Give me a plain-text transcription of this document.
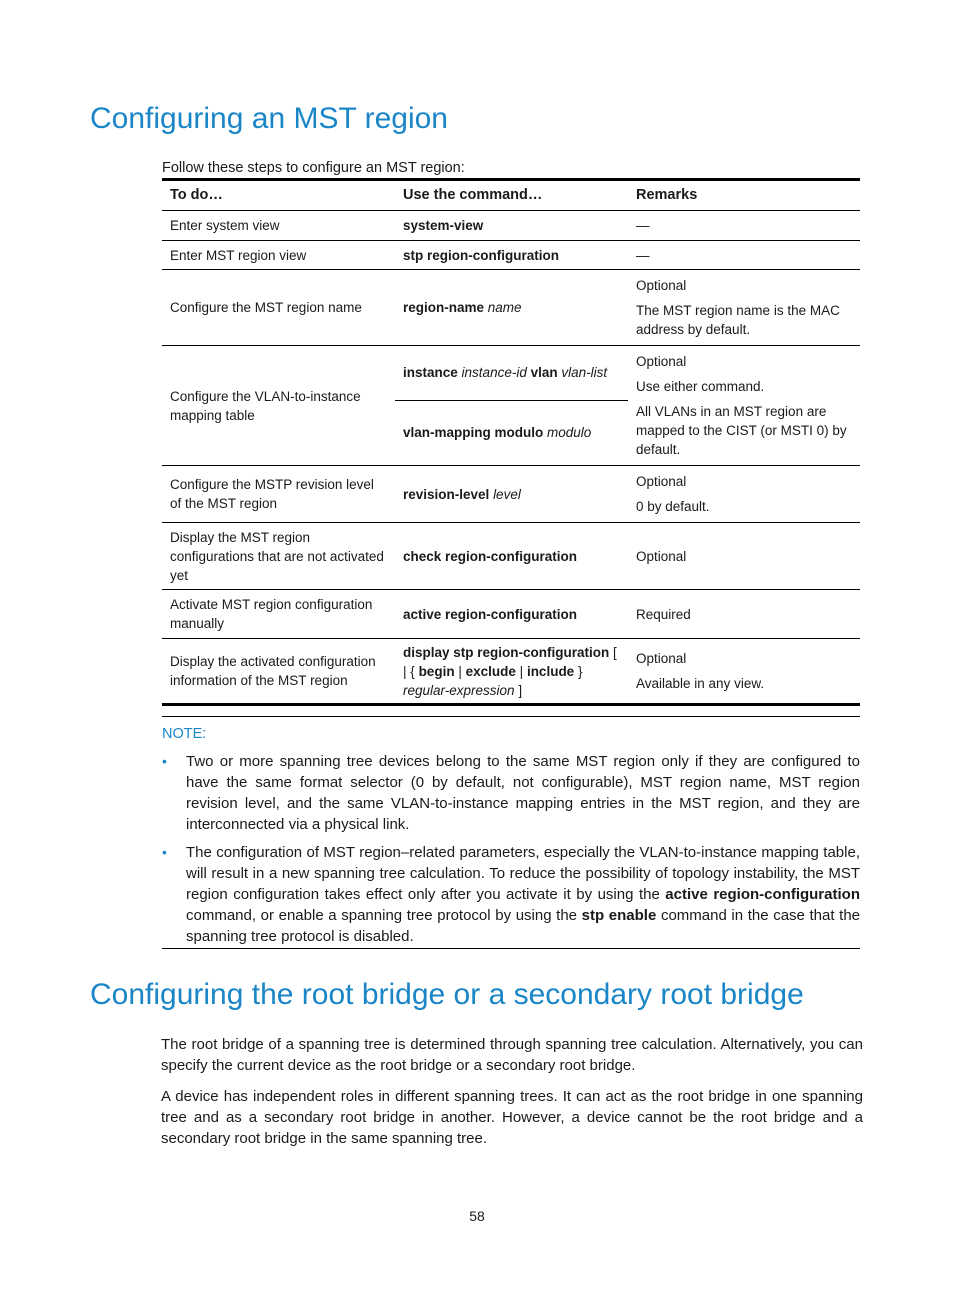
Configuring an MST region
Follow these steps to configure an MST region:
To do…	Use the command…	Remarks
Enter system view	system-view	—
Enter MST region view	stp region-configuration	—
Configure the MST region name	region-name name	Optional

The MST region name is the MAC address by default.

Configure the VLAN-to-instance mapping table	instance instance-id vlan vlan-list	Optional

Use either command.

All VLANs in an MST region are mapped to the CIST (or MSTI 0) by default.

	vlan-mapping modulo modulo	
Configure the MSTP revision level of the MST region	revision-level level	Optional

0 by default.

Display the MST region configurations that are not activated yet	check region-configuration	Optional
Activate MST region configuration manually	active region-configuration	Required
Display the activated configuration information of the MST region	display stp region-configuration [ | { begin | exclude | include } regular-expression ]	Optional

Available in any view.

NOTE:
• Two or more spanning tree devices belong to the same MST region only if they are configured to have the same format selector (0 by default, not configurable), MST region name, MST region revision level, and the same VLAN-to-instance mapping entries in the MST region, and they are interconnected via a physical link.
• The configuration of MST region–related parameters, especially the VLAN-to-instance mapping table, will result in a new spanning tree calculation. To reduce the possibility of topology instability, the MST region configuration takes effect only after you activate it by using the active region-configuration command, or enable a spanning tree protocol by using the stp enable command in the case that the spanning tree protocol is disabled.
Configuring the root bridge or a secondary root bridge

The root bridge of a spanning tree is determined through spanning tree calculation. Alternatively, you can specify the current device as the root bridge or a secondary root bridge.

A device has independent roles in different spanning trees. It can act as the root bridge in one spanning tree and as a secondary root bridge in another. However, a device cannot be the root bridge and a secondary root bridge in the same spanning tree.

58
